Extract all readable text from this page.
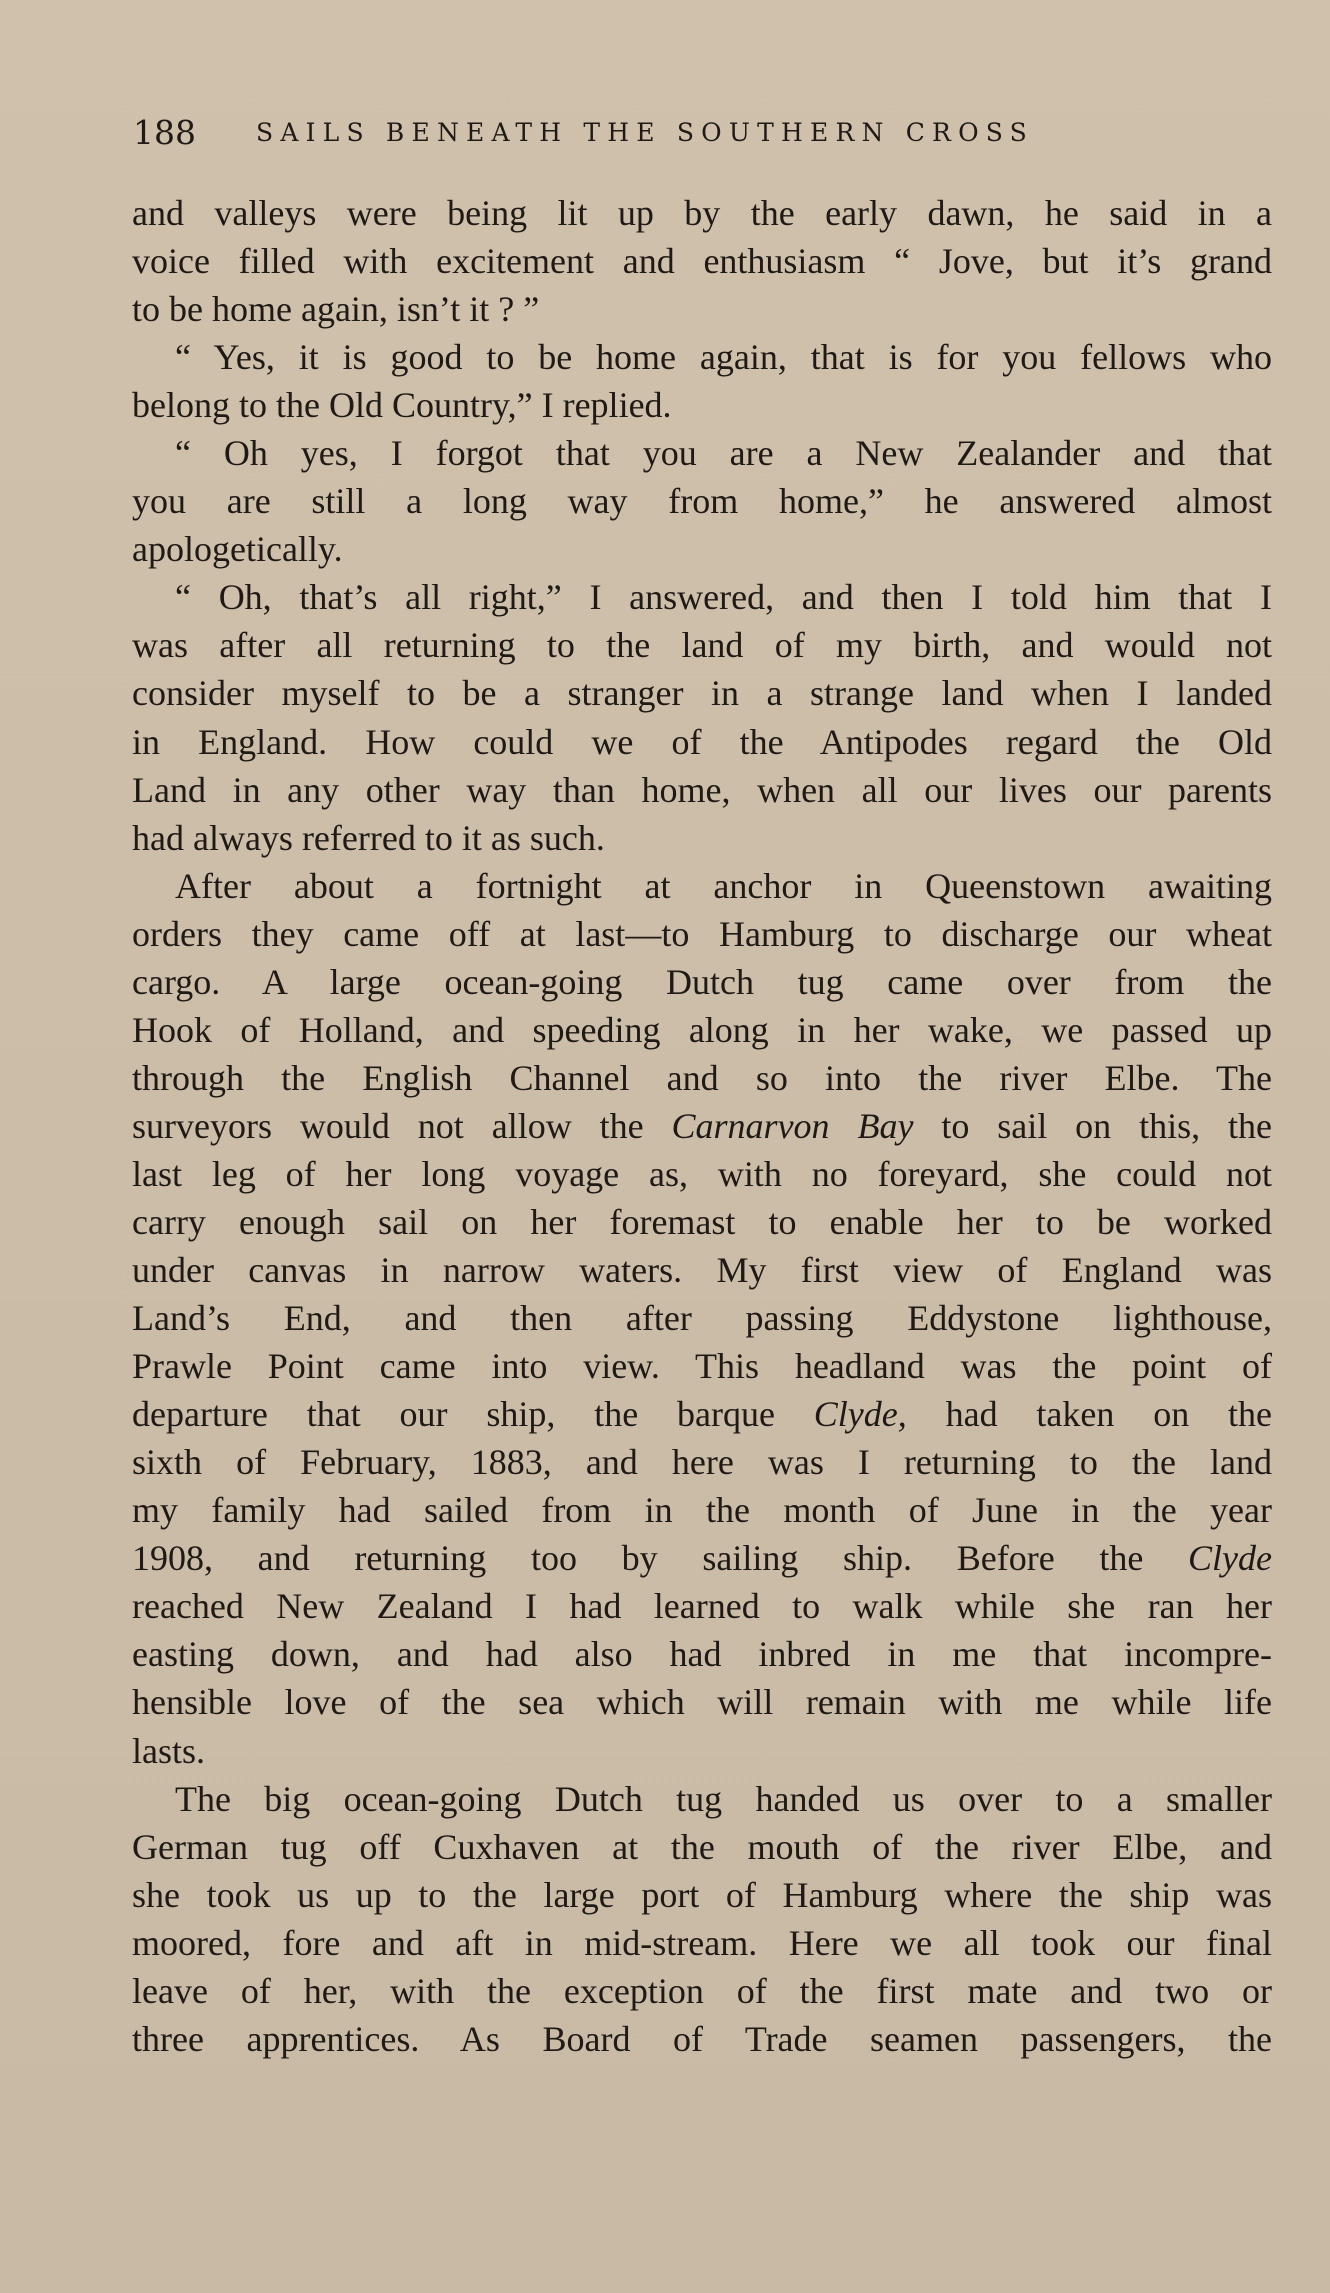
188 SAILS BENEATH THE SOUTHERN CROSS
and valleys were being lit up by the early dawn, he said in a
voice filled with excitement and enthusiasm “ Jove, but it’s grand
to be home again, isn’t it ? ”
“ Yes, it is good to be home again, that is for you fellows who
belong to the Old Country,” I replied.
“ Oh yes, I forgot that you are a New Zealander and that
you are still a long way from home,” he answered almost
apologetically.
“ Oh, that’s all right,” I answered, and then I told him that I
was after all returning to the land of my birth, and would not
consider myself to be a stranger in a strange land when I landed
in England. How could we of the Antipodes regard the Old
Land in any other way than home, when all our lives our parents
had always referred to it as such.
After about a fortnight at anchor in Queenstown awaiting
orders they came off at last—to Hamburg to discharge our wheat
cargo. A large ocean-going Dutch tug came over from the
Hook of Holland, and speeding along in her wake, we passed up
through the English Channel and so into the river Elbe. The
surveyors would not allow the Carnarvon Bay to sail on this, the
last leg of her long voyage as, with no foreyard, she could not
carry enough sail on her foremast to enable her to be worked
under canvas in narrow waters. My first view of England was
Land’s End, and then after passing Eddystone lighthouse,
Prawle Point came into view. This headland was the point of
departure that our ship, the barque Clyde, had taken on the
sixth of February, 1883, and here was I returning to the land
my family had sailed from in the month of June in the year
1908, and returning too by sailing ship. Before the Clyde
reached New Zealand I had learned to walk while she ran her
easting down, and had also had inbred in me that incompre-
hensible love of the sea which will remain with me while life
lasts.
The big ocean-going Dutch tug handed us over to a smaller
German tug off Cuxhaven at the mouth of the river Elbe, and
she took us up to the large port of Hamburg where the ship was
moored, fore and aft in mid-stream. Here we all took our final
leave of her, with the exception of the first mate and two or
three apprentices. As Board of Trade seamen passengers, the
